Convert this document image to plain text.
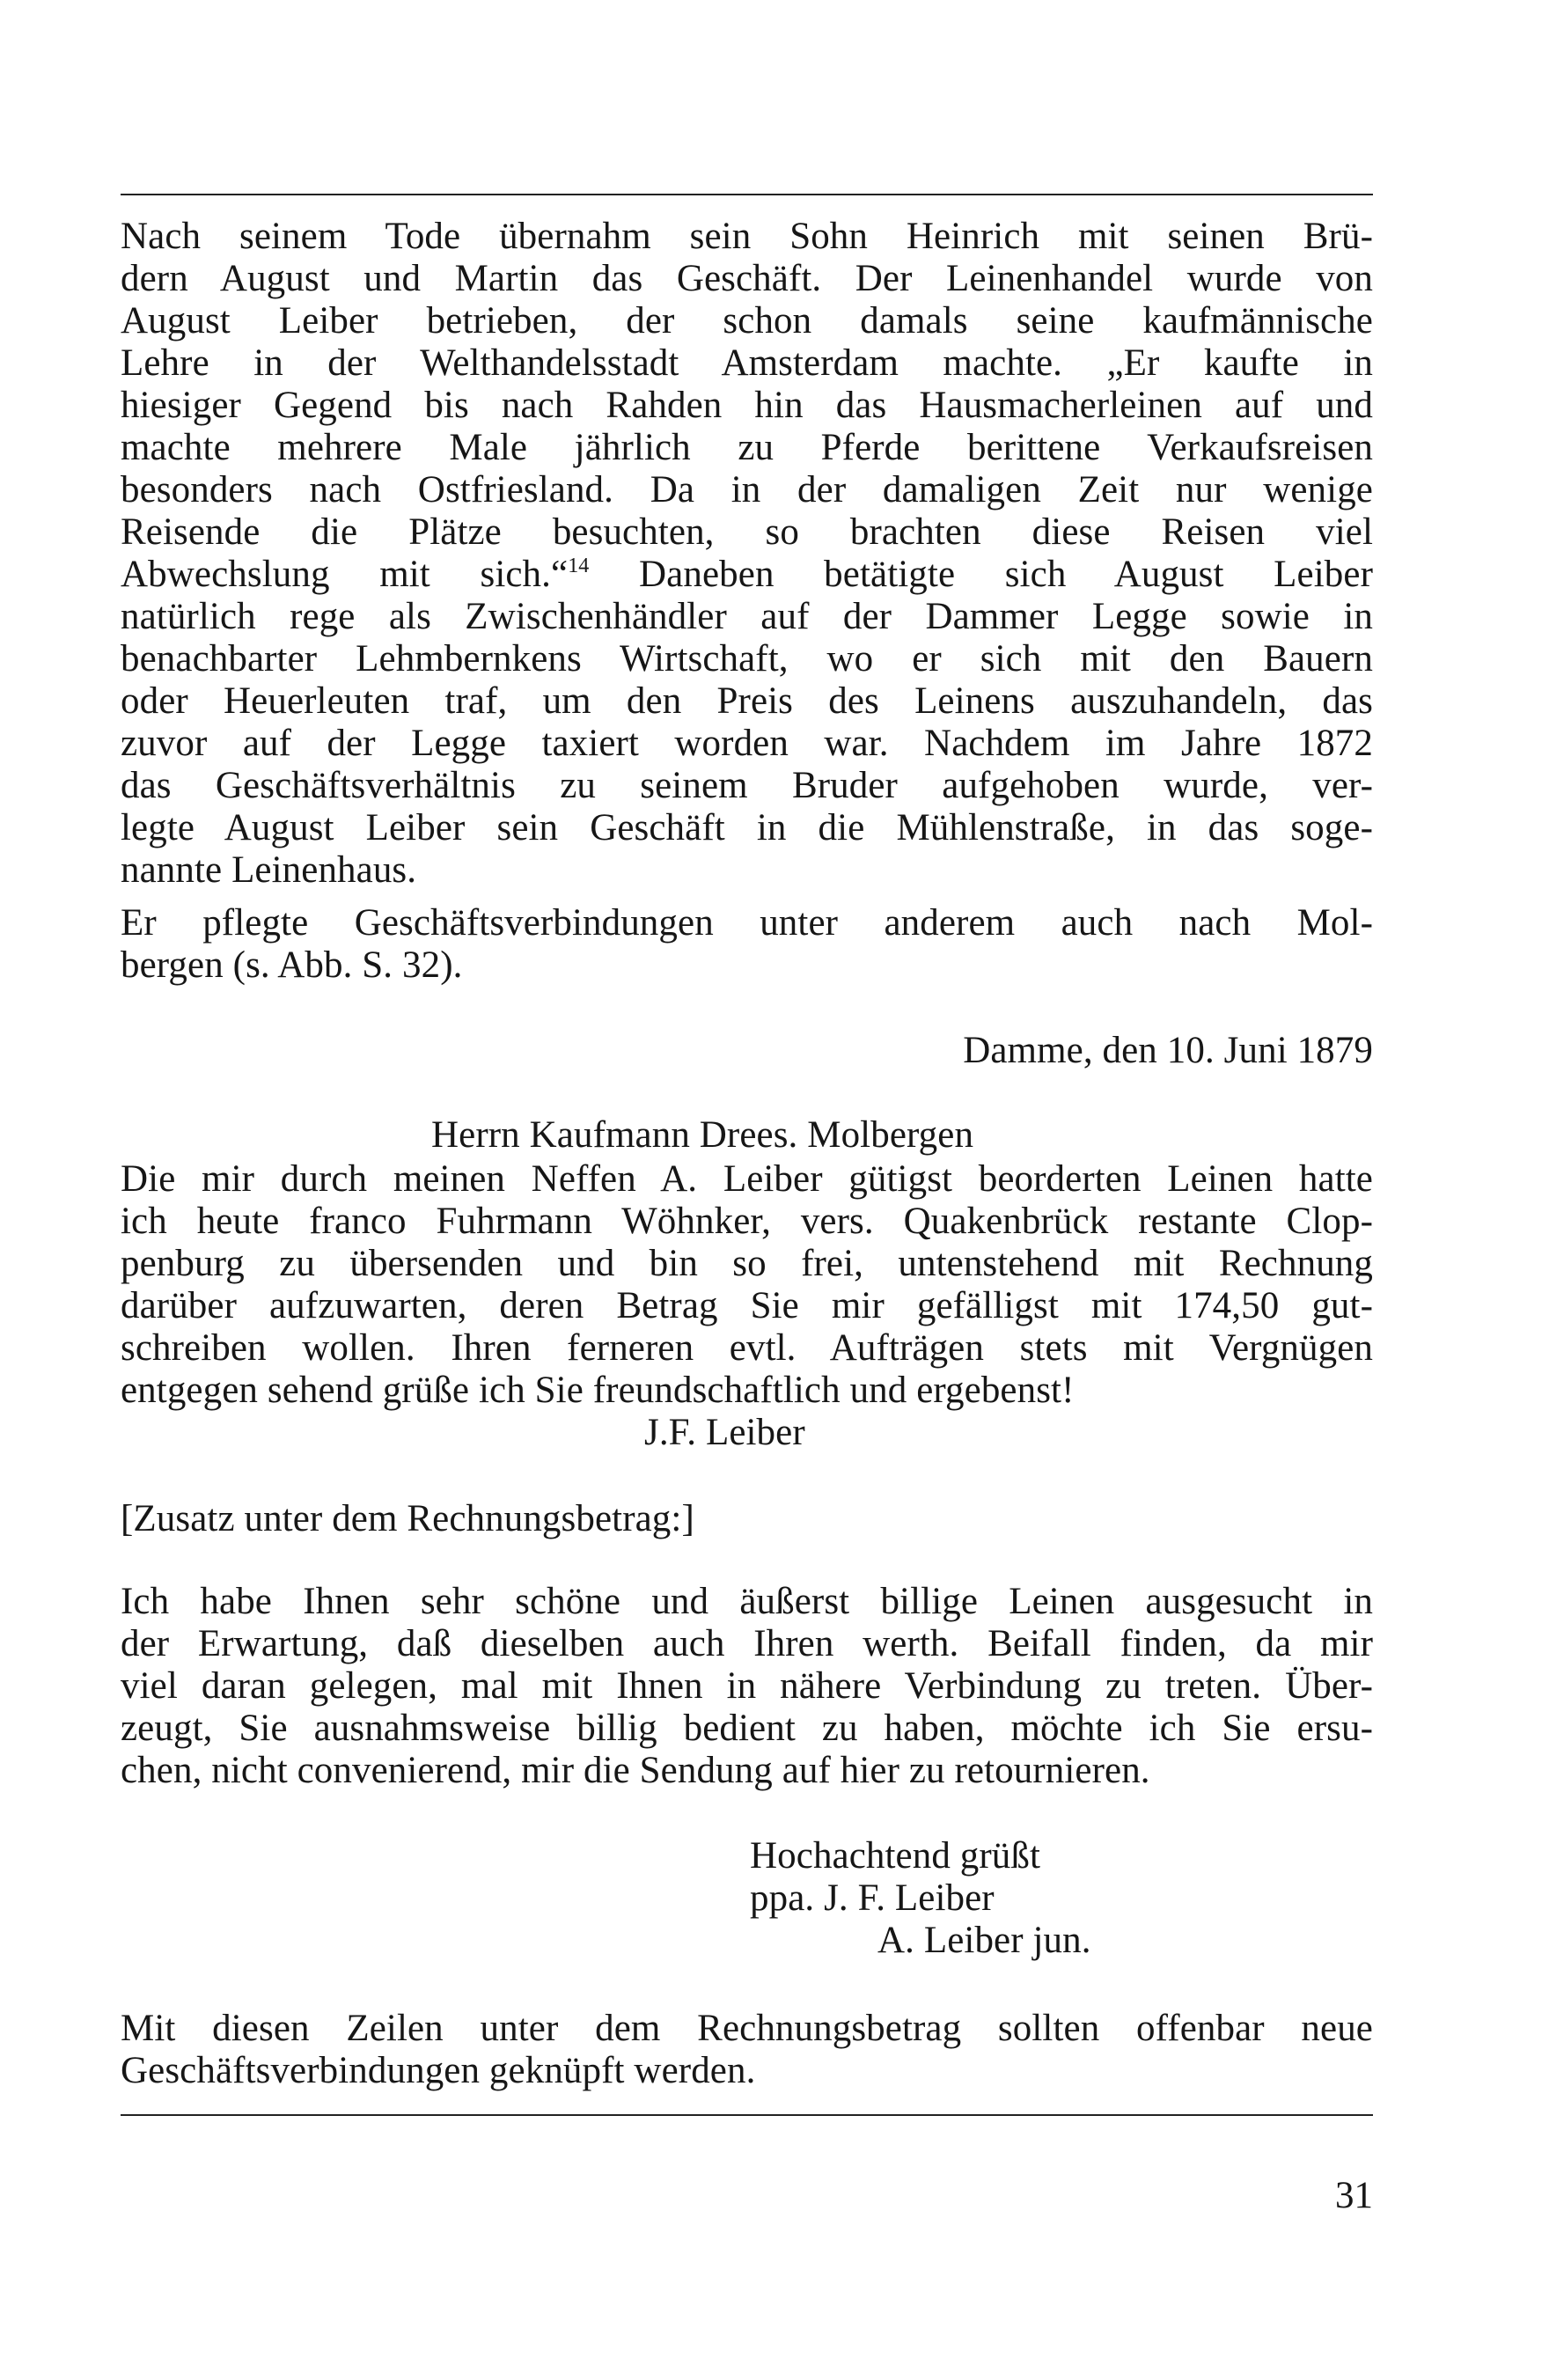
Nach seinem Tode übernahm sein Sohn Heinrich mit seinen Brü-
dern August und Martin das Geschäft. Der Leinenhandel wurde von
August Leiber betrieben, der schon damals seine kaufmännische
Lehre in der Welthandelsstadt Amsterdam machte. „Er kaufte in
hiesiger Gegend bis nach Rahden hin das Hausmacherleinen auf und
machte mehrere Male jährlich zu Pferde berittene Verkaufsreisen
besonders nach Ostfriesland. Da in der damaligen Zeit nur wenige
Reisende die Plätze besuchten, so brachten diese Reisen viel
Abwechslung mit sich.“$^{14}$ Daneben betätigte sich August Leiber
natürlich rege als Zwischenhändler auf der Dammer Legge sowie in
benachbarter Lehmbernkens Wirtschaft, wo er sich mit den Bauern
oder Heuerleuten traf, um den Preis des Leinens auszuhandeln, das
zuvor auf der Legge taxiert worden war. Nachdem im Jahre 1872
das Geschäftsverhältnis zu seinem Bruder aufgehoben wurde, ver-
legte August Leiber sein Geschäft in die Mühlenstraße, in das soge-
nannte Leinenhaus.
Er pflegte Geschäftsverbindungen unter anderem auch nach Mol-
bergen (s. Abb. S. 32).
Damme, den 10. Juni 1879
Herrn Kaufmann Drees. Molbergen
Die mir durch meinen Neffen A. Leiber gütigst beorderten Leinen hatte
ich heute franco Fuhrmann Wöhnker, vers. Quakenbrück restante Clop-
penburg zu übersenden und bin so frei, untenstehend mit Rechnung
darüber aufzuwarten, deren Betrag Sie mir gefälligst mit 174,50 gut-
schreiben wollen. Ihren ferneren evtl. Aufträgen stets mit Vergnügen
entgegen sehend grüße ich Sie freundschaftlich und ergebenst!
J.F. Leiber
[Zusatz unter dem Rechnungsbetrag:]
Ich habe Ihnen sehr schöne und äußerst billige Leinen ausgesucht in
der Erwartung, daß dieselben auch Ihren werth. Beifall finden, da mir
viel daran gelegen, mal mit Ihnen in nähere Verbindung zu treten. Über-
zeugt, Sie ausnahmsweise billig bedient zu haben, möchte ich Sie ersu-
chen, nicht convenierend, mir die Sendung auf hier zu retournieren.
Hochachtend grüßt
ppa. J. F. Leiber
A. Leiber jun.
Mit diesen Zeilen unter dem Rechnungsbetrag sollten offenbar neue
Geschäftsverbindungen geknüpft werden.
31
